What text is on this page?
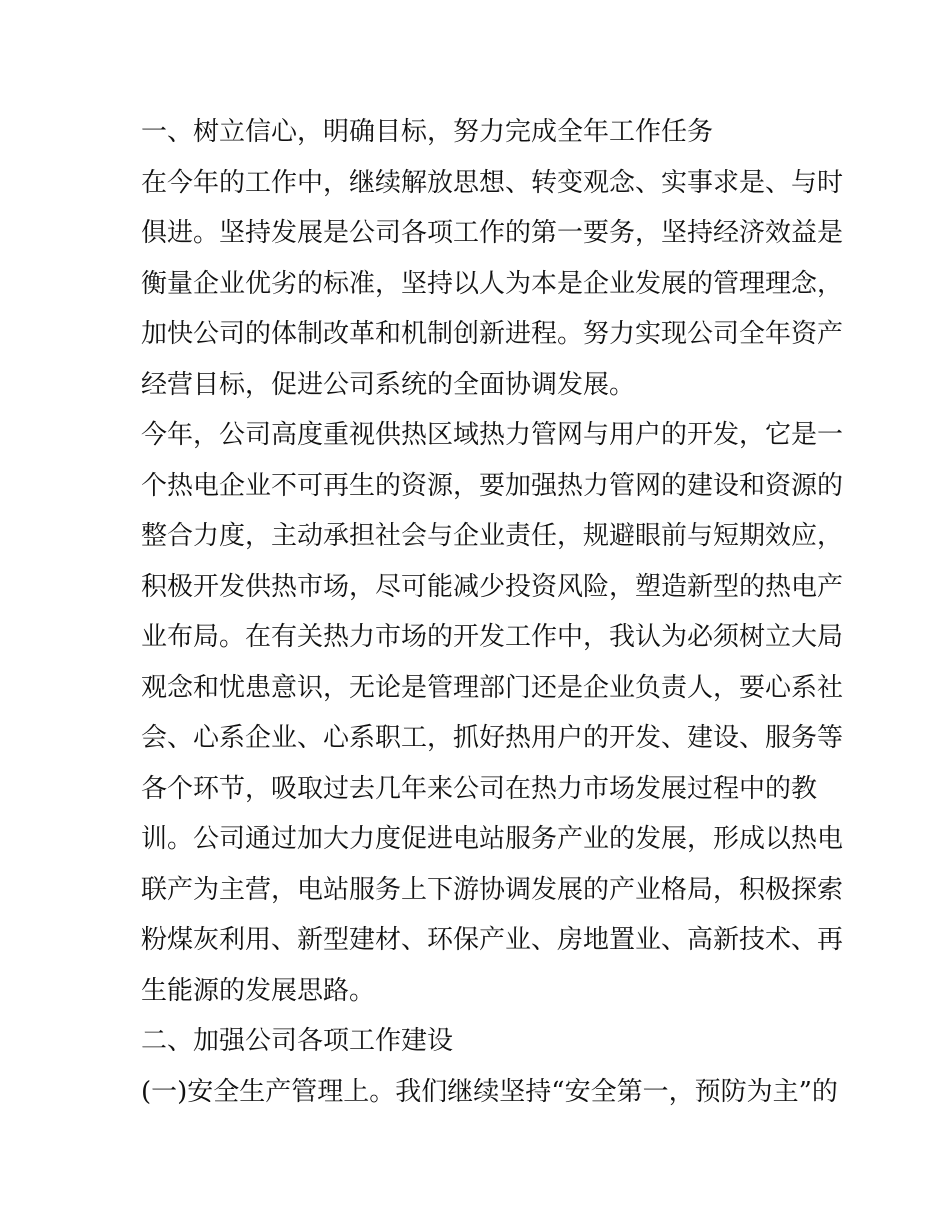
一、树立信心，明确目标，努力完成全年工作任务
在今年的工作中，继续解放思想、转变观念、实事求是、与时
俱进。坚持发展是公司各项工作的第一要务，坚持经济效益是
衡量企业优劣的标准，坚持以人为本是企业发展的管理理念，
加快公司的体制改革和机制创新进程。努力实现公司全年资产
经营目标，促进公司系统的全面协调发展。
今年，公司高度重视供热区域热力管网与用户的开发，它是一
个热电企业不可再生的资源，要加强热力管网的建设和资源的
整合力度，主动承担社会与企业责任，规避眼前与短期效应，
积极开发供热市场，尽可能减少投资风险，塑造新型的热电产
业布局。在有关热力市场的开发工作中，我认为必须树立大局
观念和忧患意识，无论是管理部门还是企业负责人，要心系社
会、心系企业、心系职工，抓好热用户的开发、建设、服务等
各个环节，吸取过去几年来公司在热力市场发展过程中的教
训。公司通过加大力度促进电站服务产业的发展，形成以热电
联产为主营，电站服务上下游协调发展的产业格局，积极探索
粉煤灰利用、新型建材、环保产业、房地置业、高新技术、再
生能源的发展思路。
二、加强公司各项工作建设
(一)安全生产管理上。我们继续坚持“安全第一，预防为主”的
